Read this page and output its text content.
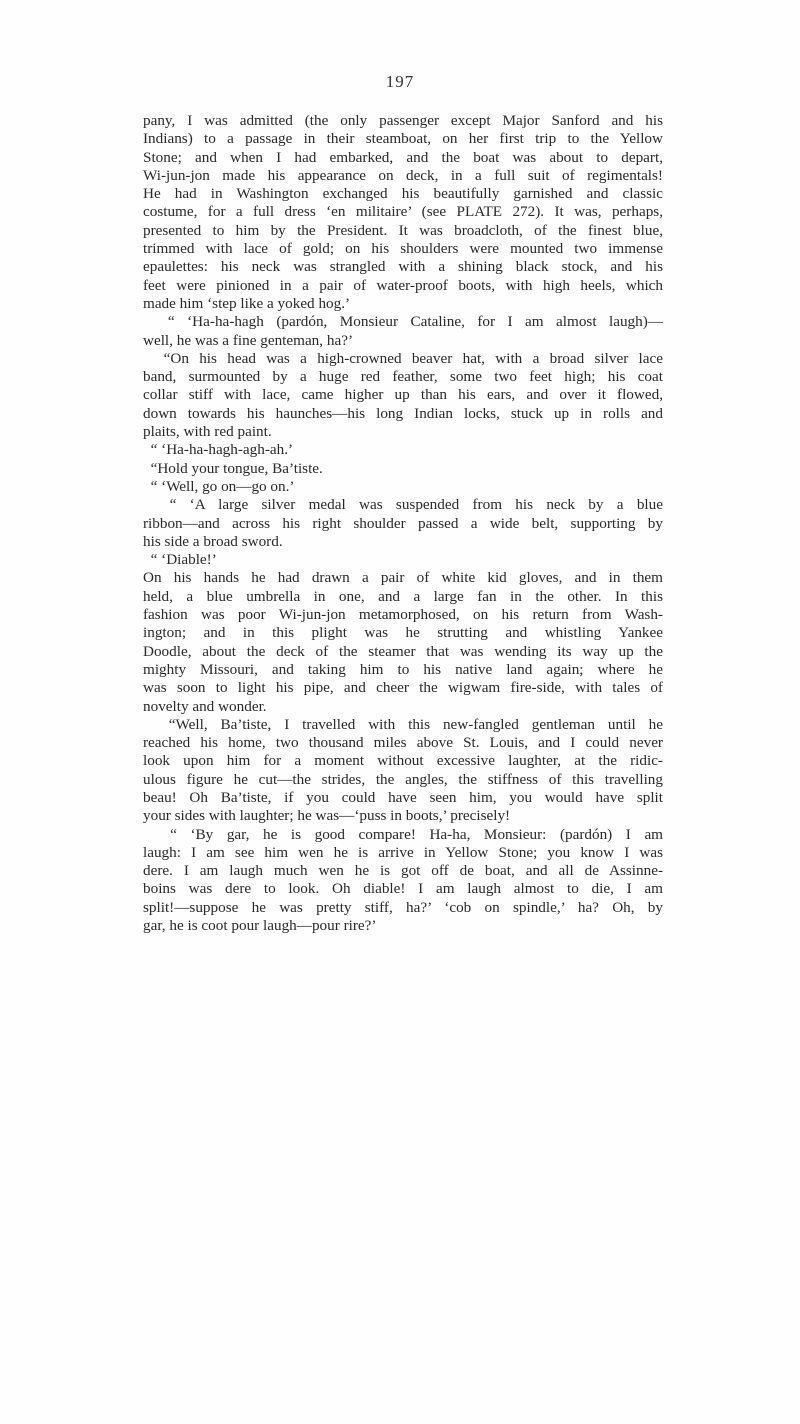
197
pany, I was admitted (the only passenger except Major Sanford and his
Indians) to a passage in their steamboat, on her first trip to the Yellow
Stone; and when I had embarked, and the boat was about to depart,
Wi-jun-jon made his appearance on deck, in a full suit of regimentals!
He had in Washington exchanged his beautifully garnished and classic
costume, for a full dress ‘en militaire’ (see PLATE 272). It was, perhaps,
presented to him by the President. It was broadcloth, of the finest blue,
trimmed with lace of gold; on his shoulders were mounted two immense
epaulettes: his neck was strangled with a shining black stock, and his
feet were pinioned in a pair of water-proof boots, with high heels, which
made him ‘step like a yoked hog.’
“ ‘Ha-ha-hagh (pardón, Monsieur Cataline, for I am almost laugh)—
well, he was a fine genteman, ha?’
“On his head was a high-crowned beaver hat, with a broad silver lace
band, surmounted by a huge red feather, some two feet high; his coat
collar stiff with lace, came higher up than his ears, and over it flowed,
down towards his haunches—his long Indian locks, stuck up in rolls and
plaits, with red paint.
“ ‘Ha-ha-hagh-agh-ah.’
“Hold your tongue, Ba’tiste.
“ ‘Well, go on—go on.’
“ ‘A large silver medal was suspended from his neck by a blue
ribbon—and across his right shoulder passed a wide belt, supporting by
his side a broad sword.
“ ‘Diable!’
On his hands he had drawn a pair of white kid gloves, and in them
held, a blue umbrella in one, and a large fan in the other. In this
fashion was poor Wi-jun-jon metamorphosed, on his return from Wash-
ington; and in this plight was he strutting and whistling Yankee
Doodle, about the deck of the steamer that was wending its way up the
mighty Missouri, and taking him to his native land again; where he
was soon to light his pipe, and cheer the wigwam fire-side, with tales of
novelty and wonder.
“Well, Ba’tiste, I travelled with this new-fangled gentleman until he
reached his home, two thousand miles above St. Louis, and I could never
look upon him for a moment without excessive laughter, at the ridic-
ulous figure he cut—the strides, the angles, the stiffness of this travelling
beau! Oh Ba’tiste, if you could have seen him, you would have split
your sides with laughter; he was—‘puss in boots,’ precisely!
“ ‘By gar, he is good compare! Ha-ha, Monsieur: (pardón) I am
laugh: I am see him wen he is arrive in Yellow Stone; you know I was
dere. I am laugh much wen he is got off de boat, and all de Assinne-
boins was dere to look. Oh diable! I am laugh almost to die, I am
split!—suppose he was pretty stiff, ha?’ ‘cob on spindle,’ ha? Oh, by
gar, he is coot pour laugh—pour rire?’
